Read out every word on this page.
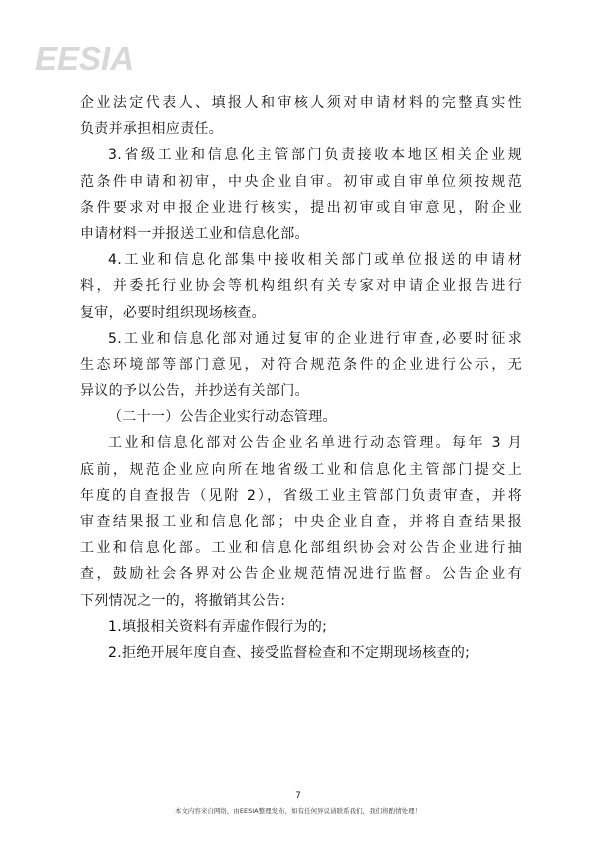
EESIA
企业法定代表人、填报人和审核人须对申请材料的完整真实性
负责并承担相应责任。
3.省级工业和信息化主管部门负责接收本地区相关企业规
范条件申请和初审，中央企业自审。初审或自审单位须按规范
条件要求对申报企业进行核实，提出初审或自审意见，附企业
申请材料一并报送工业和信息化部。
4.工业和信息化部集中接收相关部门或单位报送的申请材
料，并委托行业协会等机构组织有关专家对申请企业报告进行
复审，必要时组织现场核查。
5.工业和信息化部对通过复审的企业进行审查,必要时征求
生态环境部等部门意见，对符合规范条件的企业进行公示，无
异议的予以公告，并抄送有关部门。
（二十一）公告企业实行动态管理。
工业和信息化部对公告企业名单进行动态管理。每年 3 月
底前，规范企业应向所在地省级工业和信息化主管部门提交上
年度的自查报告（见附 2），省级工业主管部门负责审查，并将
审查结果报工业和信息化部；中央企业自查，并将自查结果报
工业和信息化部。工业和信息化部组织协会对公告企业进行抽
查，鼓励社会各界对公告企业规范情况进行监督。公告企业有
下列情况之一的，将撤销其公告:
1.填报相关资料有弄虚作假行为的;
2.拒绝开展年度自查、接受监督检查和不定期现场核查的;
7
本文内容来自网络，由EESIA整理发布，如有任何异议请联系我们，我们将酌情处理！
